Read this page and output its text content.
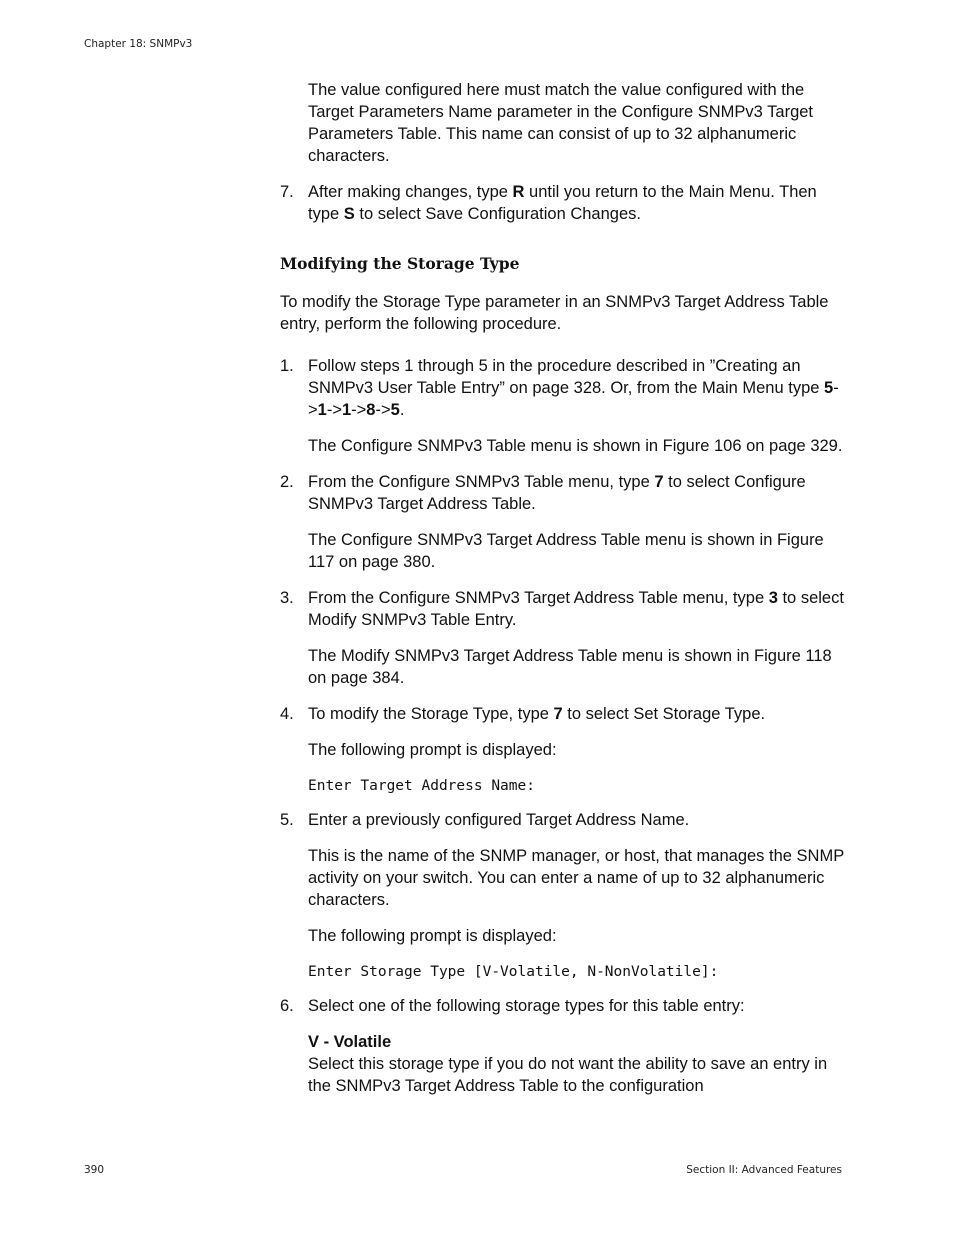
Chapter 18: SNMPv3

The value configured here must match the value configured with the Target Parameters Name parameter in the Configure SNMPv3 Target Parameters Table. This name can consist of up to 32 alphanumeric characters.

7. After making changes, type R until you return to the Main Menu. Then type S to select Save Configuration Changes.

Modifying the Storage Type

To modify the Storage Type parameter in an SNMPv3 Target Address Table entry, perform the following procedure.

1. Follow steps 1 through 5 in the procedure described in ”Creating an SNMPv3 User Table Entry” on page 328. Or, from the Main Menu type 5->1->1->8->5.

The Configure SNMPv3 Table menu is shown in Figure 106 on page 329.

2. From the Configure SNMPv3 Table menu, type 7 to select Configure SNMPv3 Target Address Table.

The Configure SNMPv3 Target Address Table menu is shown in Figure 117 on page 380.

3. From the Configure SNMPv3 Target Address Table menu, type 3 to select Modify SNMPv3 Table Entry.

The Modify SNMPv3 Target Address Table menu is shown in Figure 118 on page 384.

4. To modify the Storage Type, type 7 to select Set Storage Type.

The following prompt is displayed:

Enter Target Address Name:

5. Enter a previously configured Target Address Name.

This is the name of the SNMP manager, or host, that manages the SNMP activity on your switch. You can enter a name of up to 32 alphanumeric characters.

The following prompt is displayed:

Enter Storage Type [V-Volatile, N-NonVolatile]:

6. Select one of the following storage types for this table entry:

V - Volatile

Select this storage type if you do not want the ability to save an entry in the SNMPv3 Target Address Table to the configuration

390	Section II: Advanced Features
